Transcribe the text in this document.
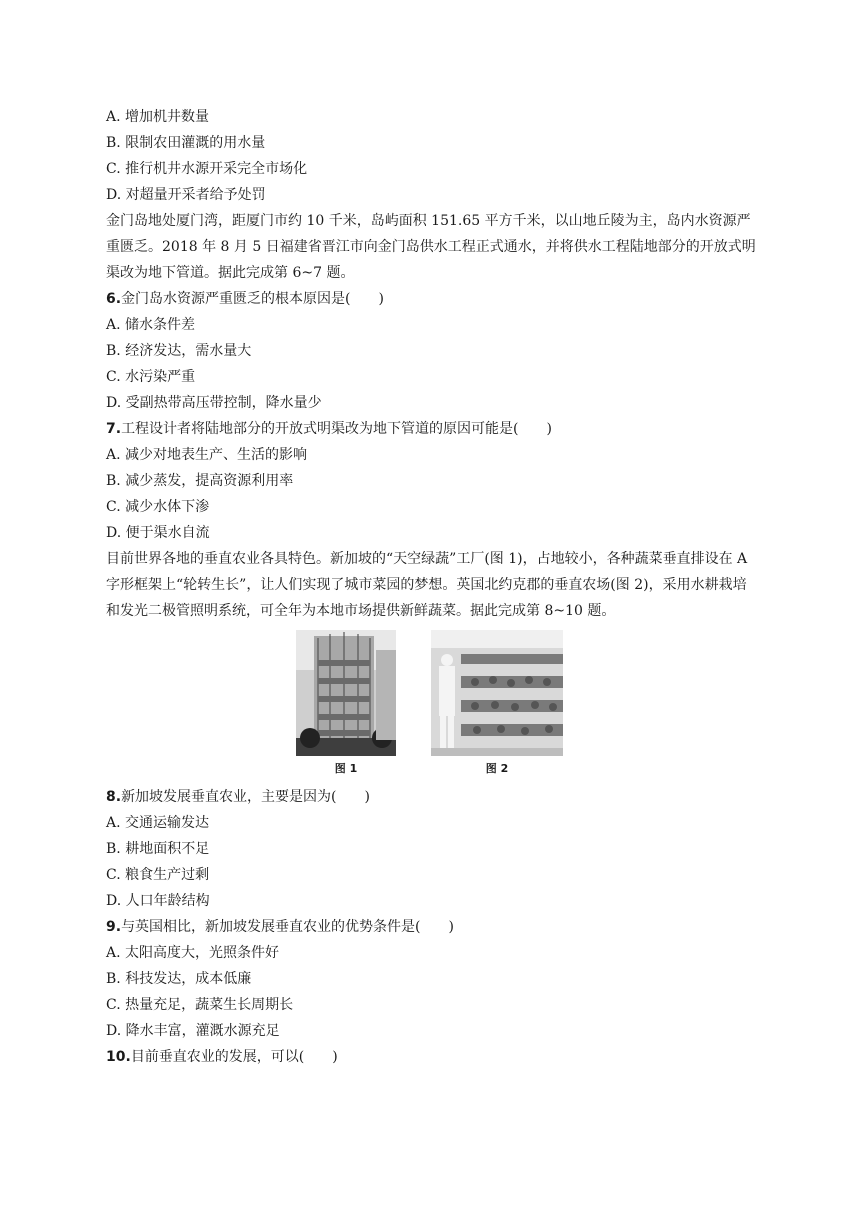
A. 增加机井数量
B. 限制农田灌溉的用水量
C. 推行机井水源开采完全市场化
D. 对超量开采者给予处罚
金门岛地处厦门湾，距厦门市约 10 千米，岛屿面积 151.65 平方千米，以山地丘陵为主，岛内水资源严重匮乏。2018 年 8 月 5 日福建省晋江市向金门岛供水工程正式通水，并将供水工程陆地部分的开放式明渠改为地下管道。据此完成第 6~7 题。
6.金门岛水资源严重匮乏的根本原因是(　　)
A. 储水条件差
B. 经济发达，需水量大
C. 水污染严重
D. 受副热带高压带控制，降水量少
7.工程设计者将陆地部分的开放式明渠改为地下管道的原因可能是(　　)
A. 减少对地表生产、生活的影响
B. 减少蒸发，提高资源利用率
C. 减少水体下渗
D. 便于渠水自流
目前世界各地的垂直农业各具特色。新加坡的“天空绿蔬”工厂(图 1)，占地较小，各种蔬菜垂直排设在 A 字形框架上“轮转生长”，让人们实现了城市菜园的梦想。英国北约克郡的垂直农场(图 2)，采用水耕栽培和发光二极管照明系统，可全年为本地市场提供新鲜蔬菜。据此完成第 8~10 题。
图 1	图 2
8.新加坡发展垂直农业，主要是因为(　　)
A. 交通运输发达
B. 耕地面积不足
C. 粮食生产过剩
D. 人口年龄结构
9.与英国相比，新加坡发展垂直农业的优势条件是(　　)
A. 太阳高度大，光照条件好
B. 科技发达，成本低廉
C. 热量充足，蔬菜生长周期长
D. 降水丰富，灌溉水源充足
10.目前垂直农业的发展，可以(　　)
